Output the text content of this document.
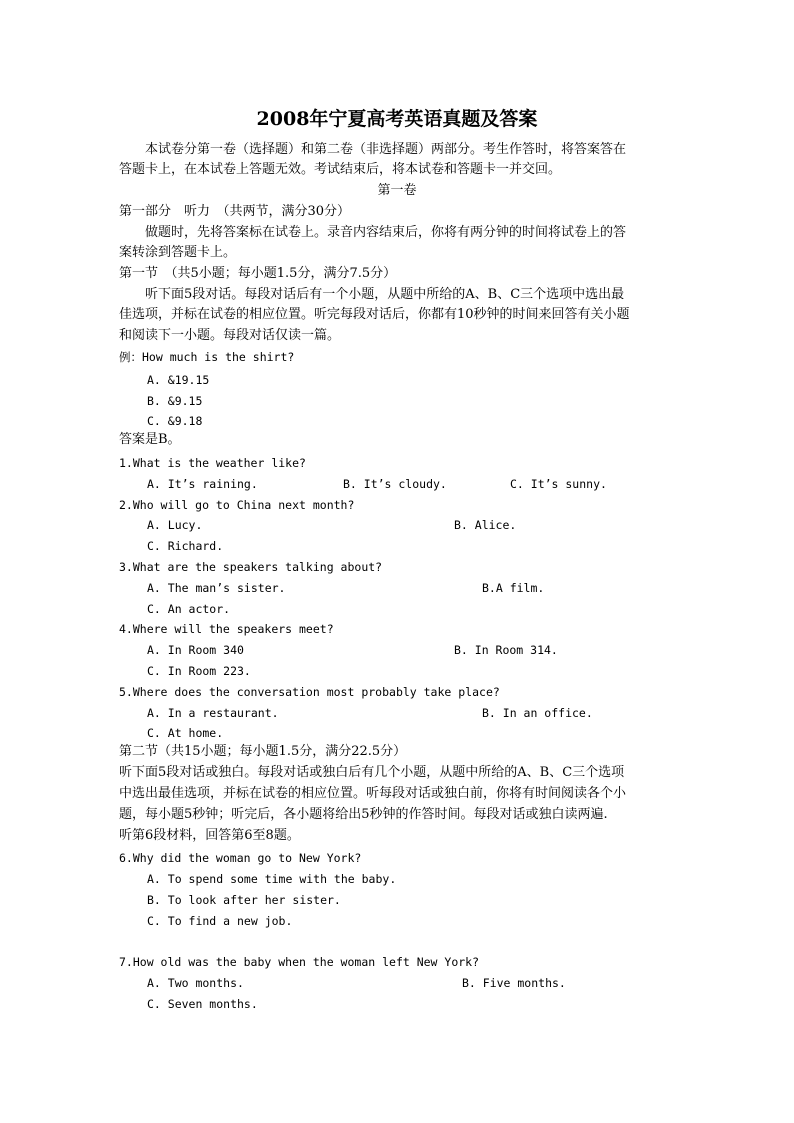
2008年宁夏高考英语真题及答案
本试卷分第一卷（选择题）和第二卷（非选择题）两部分。考生作答时，将答案答在
答题卡上，在本试卷上答题无效。考试结束后，将本试卷和答题卡一并交回。
第一卷
第一部分　听力　（共两节，满分30分）
做题时，先将答案标在试卷上。录音内容结束后，你将有两分钟的时间将试卷上的答
案转涂到答题卡上。
第一节　（共5小题；每小题1.5分，满分7.5分）
听下面5段对话。每段对话后有一个小题，从题中所给的A、B、C三个选项中选出最
佳选项，并标在试卷的相应位置。听完每段对话后，你都有10秒钟的时间来回答有关小题
和阅读下一小题。每段对话仅读一篇。
例：How much is the shirt?
A. &19.15
B. &9.15
C. &9.18
答案是B。
1.What is the weather like?
A. It’s raining.	B. It’s cloudy.	C. It’s sunny.
2.Who will go to China next month?
A. Lucy.	B. Alice.
C. Richard.
3.What are the speakers talking about?
A. The man’s sister.	B.A film.
C. An actor.
4.Where will the speakers meet?
A. In Room 340	B. In Room 314.
C. In Room 223.
5.Where does the conversation most probably take place?
A. In a restaurant.	B. In an office.
C. At home.
第二节（共15小题；每小题1.5分，满分22.5分）
听下面5段对话或独白。每段对话或独白后有几个小题，从题中所给的A、B、C三个选项
中选出最佳选项，并标在试卷的相应位置。听每段对话或独白前，你将有时间阅读各个小
题，每小题5秒钟；听完后，各小题将给出5秒钟的作答时间。每段对话或独白读两遍.
听第6段材料，回答第6至8题。
6.Why did the woman go to New York?
A. To spend some time with the baby.
B. To look after her sister.
C. To find a new job.
7.How old was the baby when the woman left New York?
A. Two months.	B. Five months.
C. Seven months.
